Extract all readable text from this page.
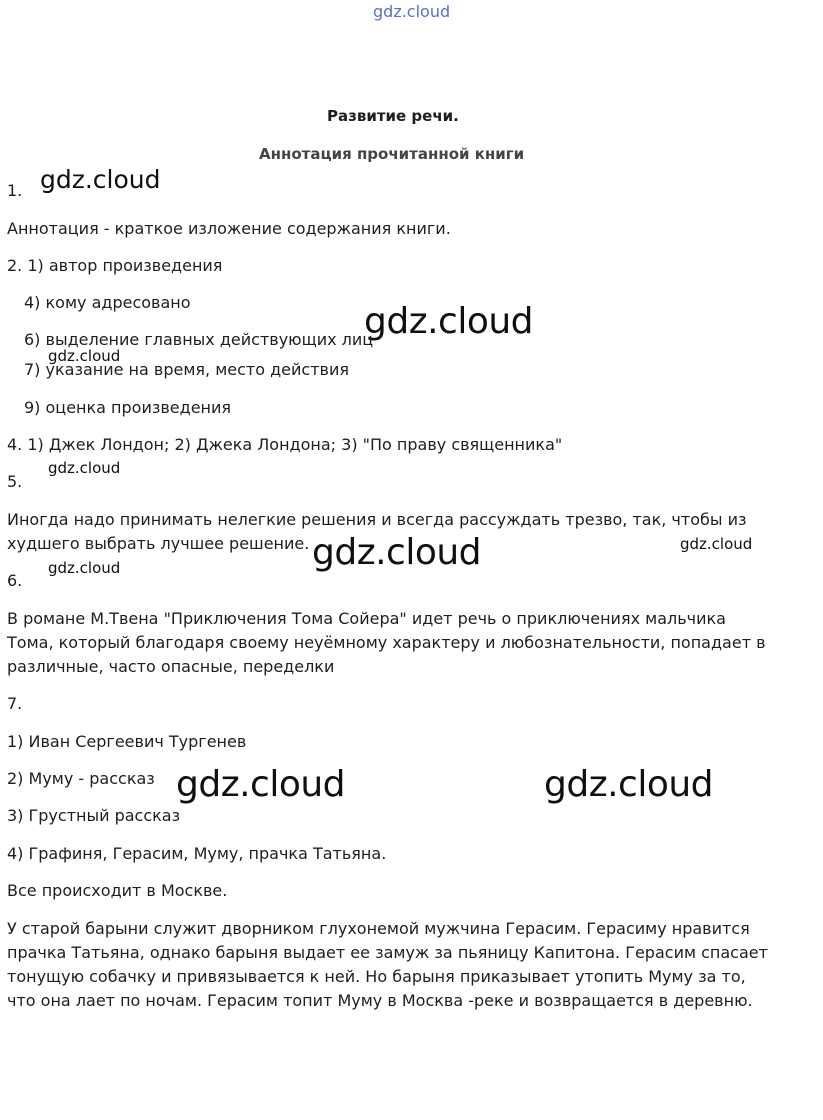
gdz.cloud
gdz.cloud
gdz.cloud
gdz.cloud
gdz.cloud
gdz.cloud	gdz.cloud
gdz.cloud
gdz.cloud	gdz.cloud
Развитие речи.
Аннотация прочитанной книги
1.
Аннотация - краткое изложение содержания книги.
2. 1) автор произведения
4) кому адресовано
6) выделение главных действующих лиц
7) указание на время, место действия
9) оценка произведения
4. 1) Джек Лондон; 2) Джека Лондона; 3) "По праву священника"
5.
Иногда надо принимать нелегкие решения и всегда рассуждать трезво, так, чтобы из худшего выбрать лучшее решение.
6.
В романе М.Твена "Приключения Тома Сойера" идет речь о приключениях мальчика Тома, который благодаря своему неуёмному характеру и любознательности, попадает в различные, часто опасные, переделки
7.
1) Иван Сергеевич Тургенев
2) Муму - рассказ
3) Грустный рассказ
4) Графиня, Герасим, Муму, прачка Татьяна.
Все происходит в Москве.
У старой барыни служит дворником глухонемой мужчина Герасим. Герасиму нравится прачка Татьяна, однако барыня выдает ее замуж за пьяницу Капитона. Герасим спасает тонущую собачку и привязывается к ней. Но барыня приказывает утопить Муму за то, что она лает по ночам. Герасим топит Муму в Москва -реке и возвращается в деревню.
